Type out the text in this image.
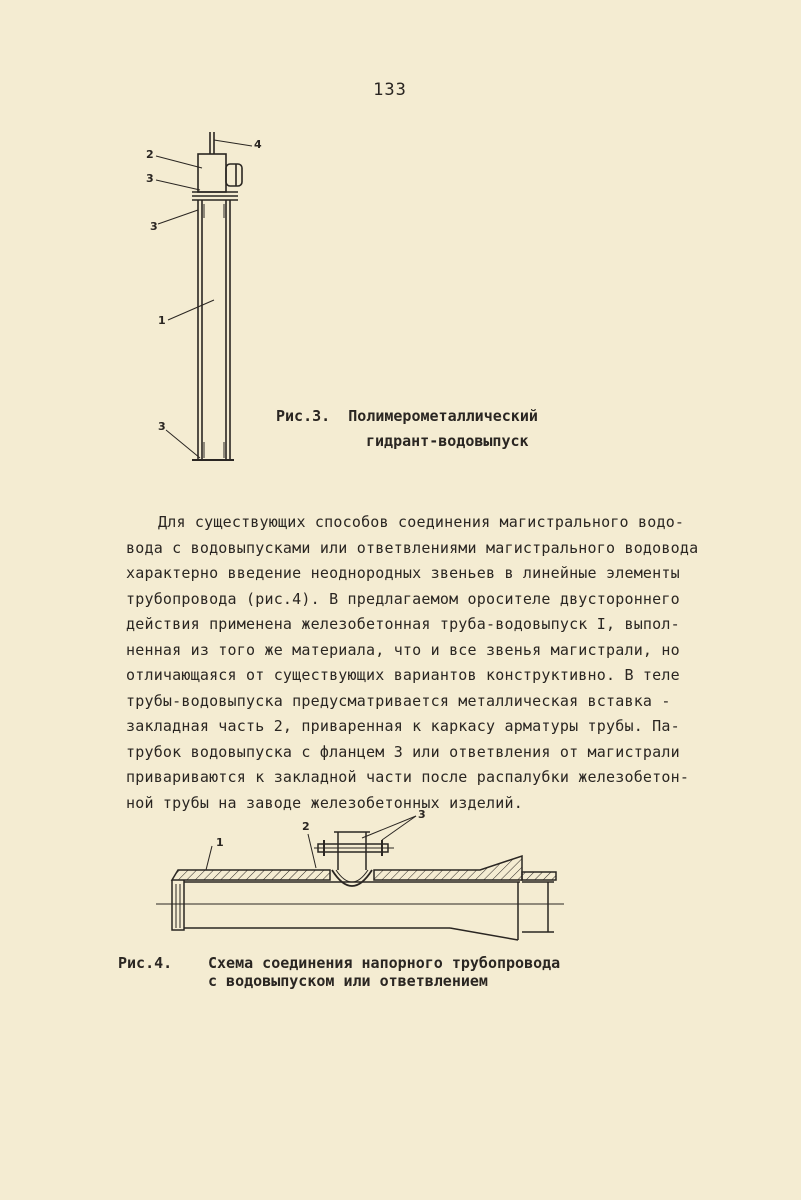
133
4
2
3
3
1
3
Рис.3. Полимерометаллический
гидрант-водовыпуск
Для существующих способов соединения магистрального водо-
вода с водовыпусками или ответвлениями магистрального водовода
характерно введение неоднородных звеньев в линейные элементы
трубопровода (рис.4). В предлагаемом оросителе двустороннего
действия применена железобетонная труба-водовыпуск I, выпол-
ненная из того же материала, что и все звенья магистрали, но
отличающаяся от существующих вариантов конструктивно. В теле
трубы-водовыпуска предусматривается металлическая вставка -
закладная часть 2, приваренная к каркасу арматуры трубы. Па-
трубок водовыпуска с фланцем 3 или ответвления от магистрали
привариваются к закладной части после распалубки железобетон-
ной трубы на заводе железобетонных изделий.
1
2
3
Рис.4. Схема соединения напорного трубопровода
с водовыпуском или ответвлением
